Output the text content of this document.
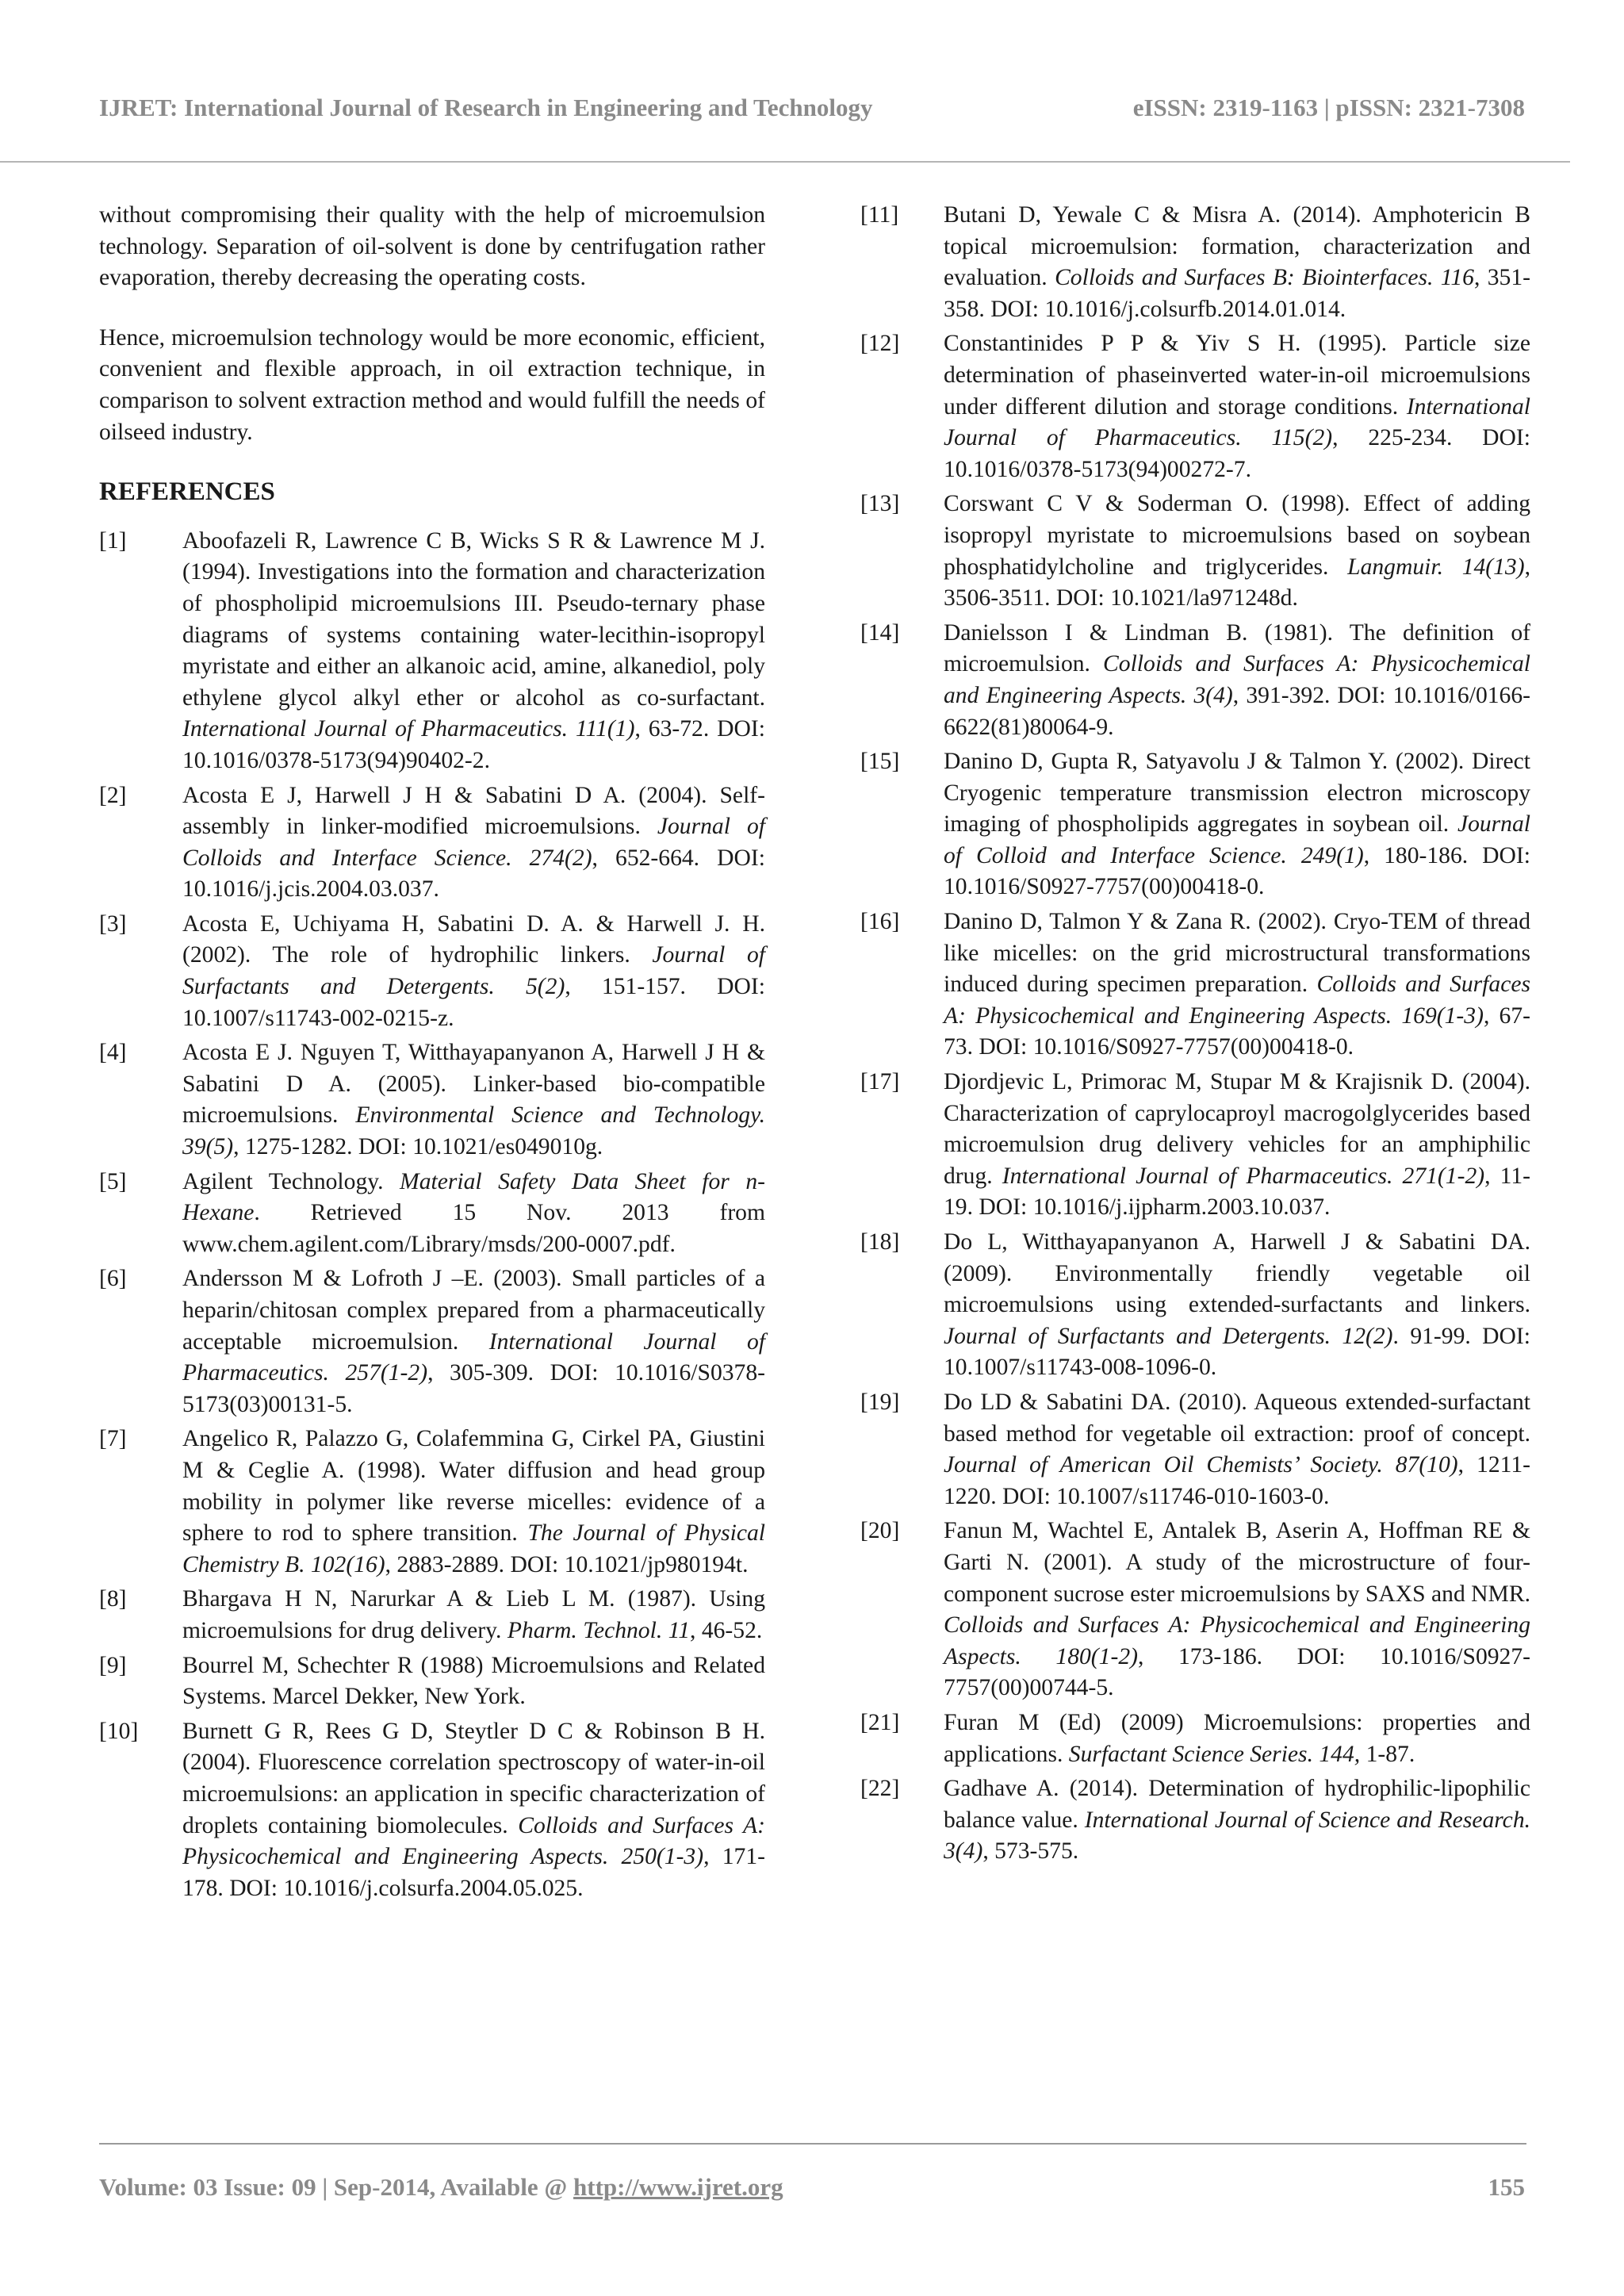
IJRET: International Journal of Research in Engineering and Technology	eISSN: 2319-1163 | pISSN: 2321-7308

without compromising their quality with the help of microemulsion technology. Separation of oil-solvent is done by centrifugation rather evaporation, thereby decreasing the operating costs.

Hence, microemulsion technology would be more economic, efficient, convenient and flexible approach, in oil extraction technique, in comparison to solvent extraction method and would fulfill the needs of oilseed industry.

REFERENCES
[1] Aboofazeli R, Lawrence C B, Wicks S R & Lawrence M J. (1994). Investigations into the formation and characterization of phospholipid microemulsions III. Pseudo-ternary phase diagrams of systems containing water-lecithin-isopropyl myristate and either an alkanoic acid, amine, alkanediol, poly ethylene glycol alkyl ether or alcohol as co-surfactant. International Journal of Pharmaceutics. 111(1), 63-72. DOI: 10.1016/0378-5173(94)90402-2.
[2] Acosta E J, Harwell J H & Sabatini D A. (2004). Self-assembly in linker-modified microemulsions. Journal of Colloids and Interface Science. 274(2), 652-664. DOI: 10.1016/j.jcis.2004.03.037.
[3] Acosta E, Uchiyama H, Sabatini D. A. & Harwell J. H. (2002). The role of hydrophilic linkers. Journal of Surfactants and Detergents. 5(2), 151-157. DOI: 10.1007/s11743-002-0215-z.
[4] Acosta E J. Nguyen T, Witthayapanyanon A, Harwell J H & Sabatini D A. (2005). Linker-based bio-compatible microemulsions. Environmental Science and Technology. 39(5), 1275-1282. DOI: 10.1021/es049010g.
[5] Agilent Technology. Material Safety Data Sheet for n-Hexane. Retrieved 15 Nov. 2013 from www.chem.agilent.com/Library/msds/200-0007.pdf.
[6] Andersson M & Lofroth J –E. (2003). Small particles of a heparin/chitosan complex prepared from a pharmaceutically acceptable microemulsion. International Journal of Pharmaceutics. 257(1-2), 305-309. DOI: 10.1016/S0378-5173(03)00131-5.
[7] Angelico R, Palazzo G, Colafemmina G, Cirkel PA, Giustini M & Ceglie A. (1998). Water diffusion and head group mobility in polymer like reverse micelles: evidence of a sphere to rod to sphere transition. The Journal of Physical Chemistry B. 102(16), 2883-2889. DOI: 10.1021/jp980194t.
[8] Bhargava H N, Narurkar A & Lieb L M. (1987). Using microemulsions for drug delivery. Pharm. Technol. 11, 46-52.
[9] Bourrel M, Schechter R (1988) Microemulsions and Related Systems. Marcel Dekker, New York.
[10] Burnett G R, Rees G D, Steytler D C & Robinson B H. (2004). Fluorescence correlation spectroscopy of water-in-oil microemulsions: an application in specific characterization of droplets containing biomolecules. Colloids and Surfaces A: Physicochemical and Engineering Aspects. 250(1-3), 171-178. DOI: 10.1016/j.colsurfa.2004.05.025.
[11] Butani D, Yewale C & Misra A. (2014). Amphotericin B topical microemulsion: formation, characterization and evaluation. Colloids and Surfaces B: Biointerfaces. 116, 351-358. DOI: 10.1016/j.colsurfb.2014.01.014.
[12] Constantinides P P & Yiv S H. (1995). Particle size determination of phaseinverted water-in-oil microemulsions under different dilution and storage conditions. International Journal of Pharmaceutics. 115(2), 225-234. DOI: 10.1016/0378-5173(94)00272-7.
[13] Corswant C V & Soderman O. (1998). Effect of adding isopropyl myristate to microemulsions based on soybean phosphatidylcholine and triglycerides. Langmuir. 14(13), 3506-3511. DOI: 10.1021/la971248d.
[14] Danielsson I & Lindman B. (1981). The definition of microemulsion. Colloids and Surfaces A: Physicochemical and Engineering Aspects. 3(4), 391-392. DOI: 10.1016/0166-6622(81)80064-9.
[15] Danino D, Gupta R, Satyavolu J & Talmon Y. (2002). Direct Cryogenic temperature transmission electron microscopy imaging of phospholipids aggregates in soybean oil. Journal of Colloid and Interface Science. 249(1), 180-186. DOI: 10.1016/S0927-7757(00)00418-0.
[16] Danino D, Talmon Y & Zana R. (2002). Cryo-TEM of thread like micelles: on the grid microstructural transformations induced during specimen preparation. Colloids and Surfaces A: Physicochemical and Engineering Aspects. 169(1-3), 67-73. DOI: 10.1016/S0927-7757(00)00418-0.
[17] Djordjevic L, Primorac M, Stupar M & Krajisnik D. (2004). Characterization of caprylocaproyl macrogolglycerides based microemulsion drug delivery vehicles for an amphiphilic drug. International Journal of Pharmaceutics. 271(1-2), 11-19. DOI: 10.1016/j.ijpharm.2003.10.037.
[18] Do L, Witthayapanyanon A, Harwell J & Sabatini DA. (2009). Environmentally friendly vegetable oil microemulsions using extended-surfactants and linkers. Journal of Surfactants and Detergents. 12(2). 91-99. DOI: 10.1007/s11743-008-1096-0.
[19] Do LD & Sabatini DA. (2010). Aqueous extended-surfactant based method for vegetable oil extraction: proof of concept. Journal of American Oil Chemists’ Society. 87(10), 1211-1220. DOI: 10.1007/s11746-010-1603-0.
[20] Fanun M, Wachtel E, Antalek B, Aserin A, Hoffman RE & Garti N. (2001). A study of the microstructure of four-component sucrose ester microemulsions by SAXS and NMR. Colloids and Surfaces A: Physicochemical and Engineering Aspects. 180(1-2), 173-186. DOI: 10.1016/S0927-7757(00)00744-5.
[21] Furan M (Ed) (2009) Microemulsions: properties and applications. Surfactant Science Series. 144, 1-87.
[22] Gadhave A. (2014). Determination of hydrophilic-lipophilic balance value. International Journal of Science and Research. 3(4), 573-575.
Volume: 03 Issue: 09 | Sep-2014, Available @ http://www.ijret.org	155
